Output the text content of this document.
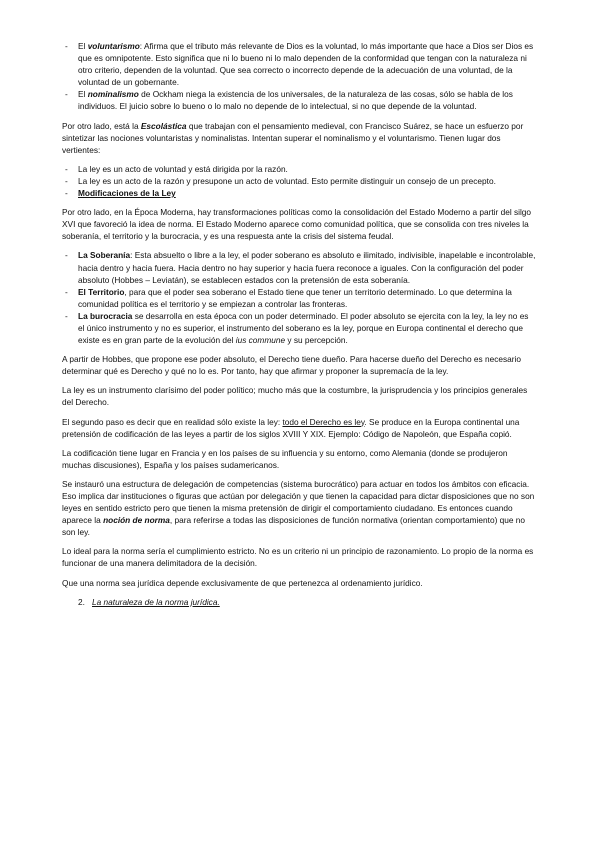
- El voluntarismo: Afirma que el tributo más relevante de Dios es la voluntad, lo más importante que hace a Dios ser Dios es que es omnipotente. Esto significa que ni lo bueno ni lo malo dependen de la conformidad que tengan con la naturaleza ni otro criterio, dependen de la voluntad. Que sea correcto o incorrecto depende de la adecuación de una voluntad, de la voluntad de un gobernante.
- El nominalismo de Ockham niega la existencia de los universales, de la naturaleza de las cosas, sólo se habla de los individuos. El juicio sobre lo bueno o lo malo no depende de lo intelectual, si no que depende de la voluntad.

Por otro lado, está la Escolástica que trabajan con el pensamiento medieval, con Francisco Suárez, se hace un esfuerzo por sintetizar las nociones voluntaristas y nominalistas. Intentan superar el nominalismo y el voluntarismo. Tienen lugar dos vertientes:

- La ley es un acto de voluntad y está dirigida por la razón.
- La ley es un acto de la razón y presupone un acto de voluntad. Esto permite distinguir un consejo de un precepto.
- Modificaciones de la Ley

Por otro lado, en la Época Moderna, hay transformaciones políticas como la consolidación del Estado Moderno a partir del silgo XVI que favoreció la idea de norma. El Estado Moderno aparece como comunidad política, que se consolida con tres niveles la soberanía, el territorio y la burocracia, y es una respuesta ante la crisis del sistema feudal.

- La Soberanía: Esta absuelto o libre a la ley, el poder soberano es absoluto e ilimitado, indivisible, inapelable e incontrolable, hacia dentro y hacia fuera. Hacia dentro no hay superior y hacia fuera reconoce a iguales. Con la configuración del poder absoluto (Hobbes – Leviatán), se establecen estados con la pretensión de esta soberanía.
- El Territorio, para que el poder sea soberano el Estado tiene que tener un territorio determinado. Lo que determina la comunidad política es el territorio y se empiezan a controlar las fronteras.
- La burocracia se desarrolla en esta época con un poder determinado. El poder absoluto se ejercita con la ley, la ley no es el único instrumento y no es superior, el instrumento del soberano es la ley, porque en Europa continental el derecho que existe es en gran parte de la evolución del ius commune y su percepción.

A partir de Hobbes, que propone ese poder absoluto, el Derecho tiene dueño. Para hacerse dueño del Derecho es necesario determinar qué es Derecho y qué no lo es. Por tanto, hay que afirmar y proponer la supremacía de la ley.

La ley es un instrumento clarísimo del poder político; mucho más que la costumbre, la jurisprudencia y los principios generales del Derecho.

El segundo paso es decir que en realidad sólo existe la ley: todo el Derecho es ley. Se produce en la Europa continental una pretensión de codificación de las leyes a partir de los siglos XVIII Y XIX. Ejemplo: Código de Napoleón, que España copió.

La codificación tiene lugar en Francia y en los países de su influencia y su entorno, como Alemania (donde se produjeron muchas discusiones), España y los países sudamericanos.

Se instauró una estructura de delegación de competencias (sistema burocrático) para actuar en todos los ámbitos con eficacia. Eso implica dar instituciones o figuras que actúan por delegación y que tienen la capacidad para dictar disposiciones que no son leyes en sentido estricto pero que tienen la misma pretensión de dirigir el comportamiento ciudadano. Es entonces cuando aparece la noción de norma, para referirse a todas las disposiciones de función normativa (orientan comportamiento) que no son ley.

Lo ideal para la norma sería el cumplimiento estricto. No es un criterio ni un principio de razonamiento. Lo propio de la norma es funcionar de una manera delimitadora de la decisión.

Que una norma sea jurídica depende exclusivamente de que pertenezca al ordenamiento jurídico.

2. La naturaleza de la norma jurídica.
